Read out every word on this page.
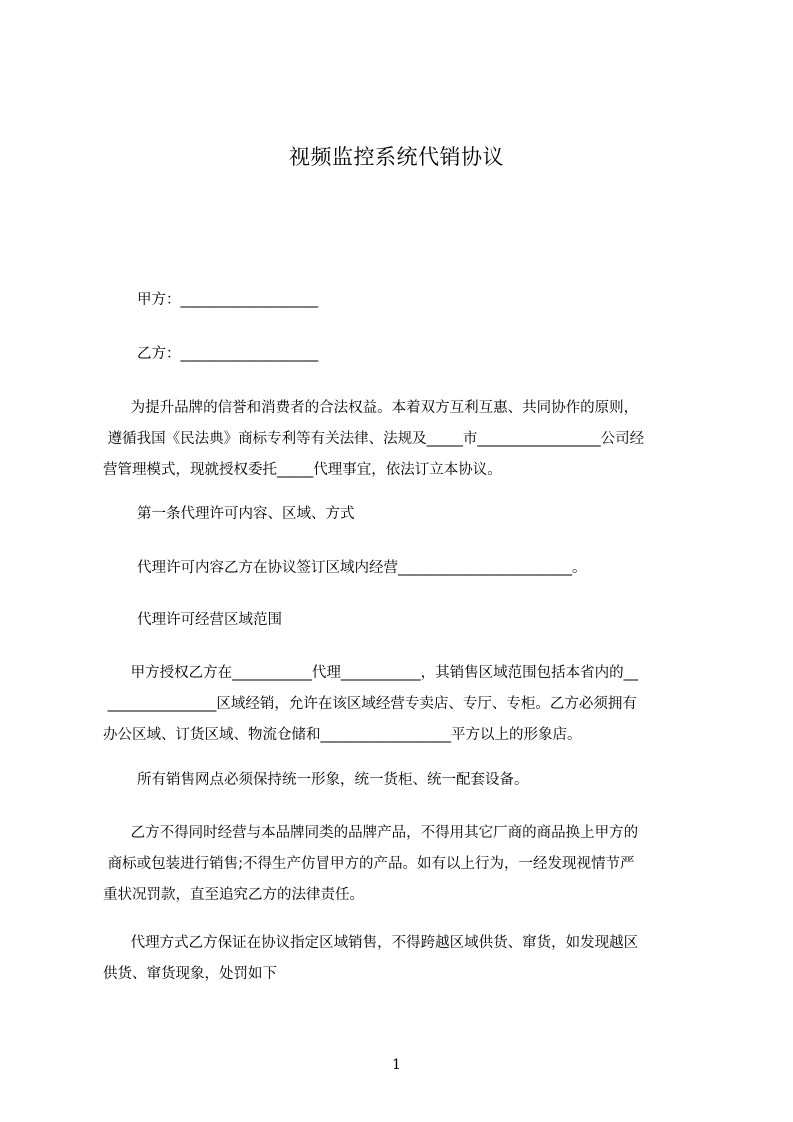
视频监控系统代销协议
甲方：___________________
乙方：___________________
为提升品牌的信誉和消费者的合法权益。本着双方互利互惠、共同协作的原则，
遵循我国《民法典》商标专利等有关法律、法规及_____市_________________公司经
营管理模式，现就授权委托_____代理事宜，依法订立本协议。
第一条代理许可内容、区域、方式
代理许可内容乙方在协议签订区域内经营________________________。
代理许可经营区域范围
甲方授权乙方在___________代理___________，其销售区域范围包括本省内的__
_______________区域经销，允许在该区域经营专卖店、专厅、专柜。乙方必须拥有
办公区域、订货区域、物流仓储和__________________平方以上的形象店。
所有销售网点必须保持统一形象，统一货柜、统一配套设备。
乙方不得同时经营与本品牌同类的品牌产品，不得用其它厂商的商品换上甲方的
商标或包装进行销售;不得生产仿冒甲方的产品。如有以上行为，一经发现视情节严
重状况罚款，直至追究乙方的法律责任。
代理方式乙方保证在协议指定区域销售，不得跨越区域供货、窜货，如发现越区
供货、窜货现象，处罚如下
1
